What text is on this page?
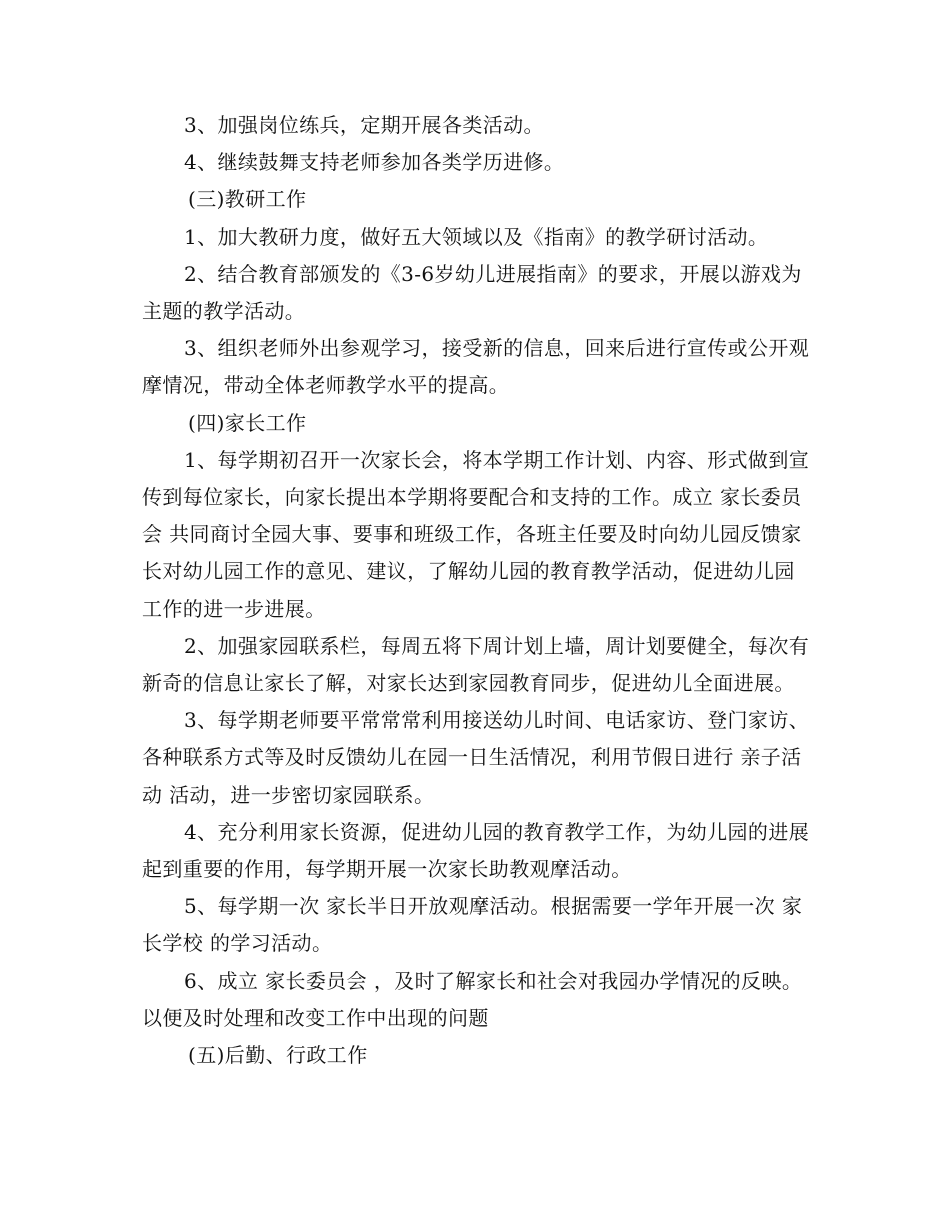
3、加强岗位练兵，定期开展各类活动。

4、继续鼓舞支持老师参加各类学历进修。

(三)教研工作

1、加大教研力度，做好五大领域以及《指南》的教学研讨活动。

2、结合教育部颁发的《3-6岁幼儿进展指南》的要求，开展以游戏为主题的教学活动。

3、组织老师外出参观学习，接受新的信息，回来后进行宣传或公开观摩情况，带动全体老师教学水平的提高。

(四)家长工作

1、每学期初召开一次家长会，将本学期工作计划、内容、形式做到宣传到每位家长，向家长提出本学期将要配合和支持的工作。成立 家长委员会 共同商讨全园大事、要事和班级工作，各班主任要及时向幼儿园反馈家长对幼儿园工作的意见、建议，了解幼儿园的教育教学活动，促进幼儿园工作的进一步进展。

2、加强家园联系栏，每周五将下周计划上墙，周计划要健全，每次有新奇的信息让家长了解，对家长达到家园教育同步，促进幼儿全面进展。

3、每学期老师要平常常常利用接送幼儿时间、电话家访、登门家访、各种联系方式等及时反馈幼儿在园一日生活情况，利用节假日进行 亲子活动 活动，进一步密切家园联系。

4、充分利用家长资源，促进幼儿园的教育教学工作，为幼儿园的进展起到重要的作用，每学期开展一次家长助教观摩活动。

5、每学期一次 家长半日开放观摩活动。根据需要一学年开展一次 家长学校 的学习活动。

6、成立 家长委员会 ，及时了解家长和社会对我园办学情况的反映。以便及时处理和改变工作中出现的问题

(五)后勤、行政工作
